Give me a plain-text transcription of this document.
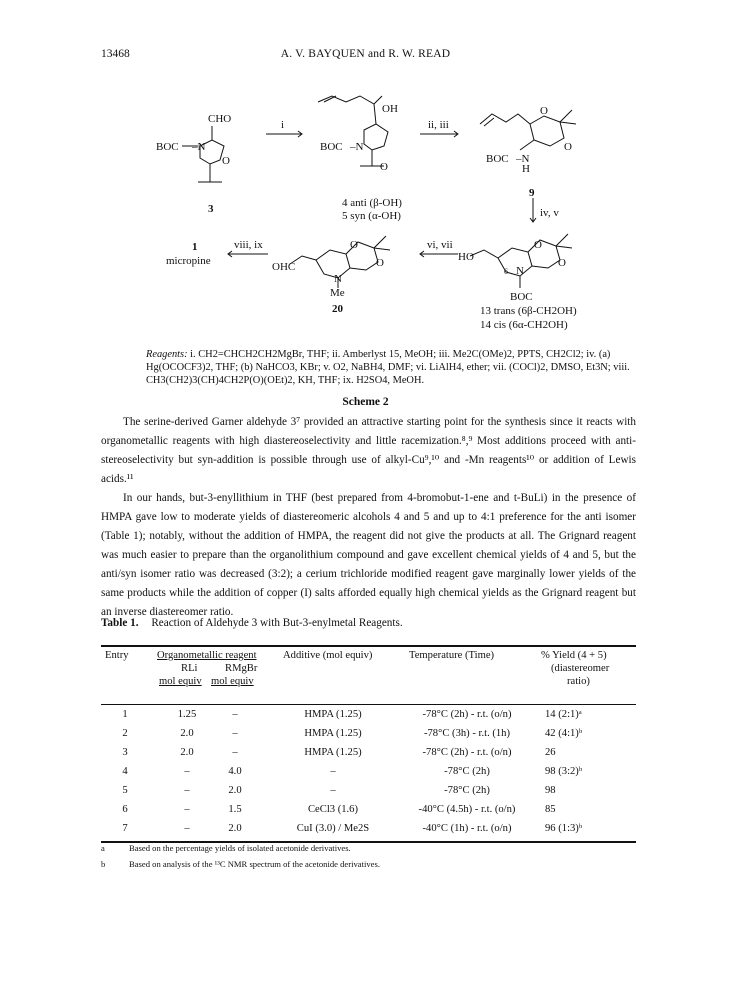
13468	A. V. BAYQUEN and R. W. READ
CHO
BOC –N
O
3
i
OH
BOC –N
O
4 anti (β-OH)
5 syn (α-OH)
ii, iii
O
O
BOC –N
H
9
iv, v
HO
6 N
O
O
BOC
13 trans (6β-CH2OH)
14 cis (6α-CH2OH)
vi, vii
OHC
N
O
O
Me
20
viii, ix
1
micropine
Reagents: i. CH2=CHCH2CH2MgBr, THF; ii. Amberlyst 15, MeOH; iii. Me2C(OMe)2, PPTS, CH2Cl2; iv. (a) Hg(OCOCF3)2, THF; (b) NaHCO3, KBr; v. O2, NaBH4, DMF; vi. LiAlH4, ether; vii. (COCl)2, DMSO, Et3N; viii. CH3(CH2)3(CH)4CH2P(O)(OEt)2, KH, THF; ix. H2SO4, MeOH.
Scheme 2
The serine-derived Garner aldehyde 3⁷ provided an attractive starting point for the synthesis since it reacts with organometallic reagents with high diastereoselectivity and little racemization.⁸,⁹ Most additions proceed with anti-stereoselectivity but syn-addition is possible through use of alkyl-Cu⁹,¹⁰ and -Mn reagents¹⁰ or addition of Lewis acids.¹¹
In our hands, but-3-enyllithium in THF (best prepared from 4-bromobut-1-ene and t-BuLi) in the presence of HMPA gave low to moderate yields of diastereomeric alcohols 4 and 5 and up to 4:1 preference for the anti isomer (Table 1); notably, without the addition of HMPA, the reagent did not give the products at all. The Grignard reagent was much easier to prepare than the organolithium compound and gave excellent chemical yields of 4 and 5, but the anti/syn isomer ratio was decreased (3:2); a cerium trichloride modified reagent gave marginally lower yields of the same products while the addition of copper (I) salts afforded equally high chemical yields as the Grignard reagent but an inverse diastereomer ratio.
Table 1. Reaction of Aldehyde 3 with But-3-enylmetal Reagents.
Entry	Organometallic reagent
RLi	RMgBr
mol equiv mol equiv
Additive (mol equiv)	Temperature (Time)	% Yield (4 + 5)
(diastereomer
ratio)
1	1.25	–	HMPA (1.25)	-78°C (2h) - r.t. (o/n)	14 (2:1)ᵃ
2	2.0	–	HMPA (1.25)	-78°C (3h) - r.t. (1h)	42 (4:1)ᵇ
3	2.0	–	HMPA (1.25)	-78°C (2h) - r.t. (o/n)	26
4	–	4.0	–	-78°C (2h)	98 (3:2)ᵇ
5	–	2.0	–	-78°C (2h)	98
6	–	1.5	CeCl3 (1.6)	-40°C (4.5h) - r.t. (o/n)	85
7	–	2.0	CuI (3.0) / Me2S	-40°C (1h) - r.t. (o/n)	96 (1:3)ᵇ
a	Based on the percentage yields of isolated acetonide derivatives.
b	Based on analysis of the ¹³C NMR spectrum of the acetonide derivatives.
